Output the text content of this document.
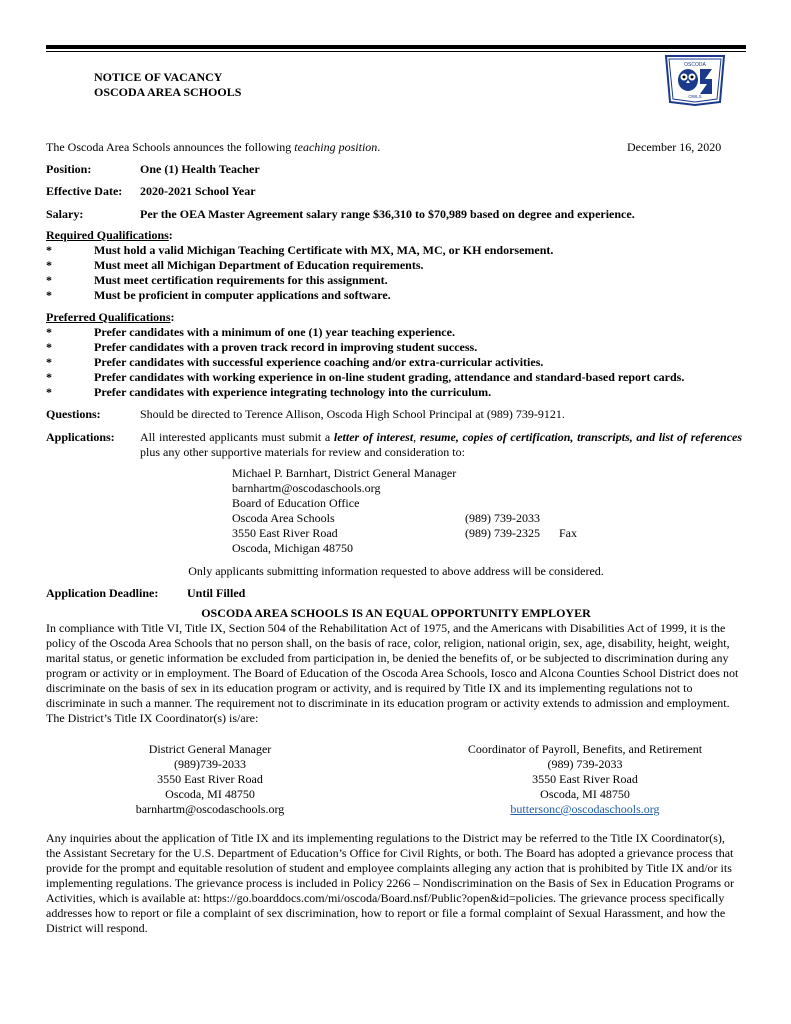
NOTICE OF VACANCY
OSCODA AREA SCHOOLS
OSCODA
OWLS
The Oscoda Area Schools announces the following teaching position.	December 16, 2020
Position:	One (1) Health Teacher
Effective Date: 2020-2021 School Year
Salary:	Per the OEA Master Agreement salary range $36,310 to $70,989 based on degree and experience.
Required Qualifications:
*	Must hold a valid Michigan Teaching Certificate with MX, MA, MC, or KH endorsement.
*	Must meet all Michigan Department of Education requirements.
*	Must meet certification requirements for this assignment.
*	Must be proficient in computer applications and software.
Preferred Qualifications:
*	Prefer candidates with a minimum of one (1) year teaching experience.
*	Prefer candidates with a proven track record in improving student success.
*	Prefer candidates with successful experience coaching and/or extra-curricular activities.
*	Prefer candidates with working experience in on-line student grading, attendance and standard-based report cards.
*	Prefer candidates with experience integrating technology into the curriculum.
Questions:	Should be directed to Terence Allison, Oscoda High School Principal at (989) 739-9121.
Applications: All interested applicants must submit a letter of interest, resume, copies of certification, transcripts, and list of references plus any other supportive materials for review and consideration to:
Michael P. Barnhart, District General Manager
barnhartm@oscodaschools.org
Board of Education Office
Oscoda Area Schools
3550 East River Road
Oscoda, Michigan 48750
(989) 739-2033
(989) 739-2325 Fax
Only applicants submitting information requested to above address will be considered.
Application Deadline: Until Filled
OSCODA AREA SCHOOLS IS AN EQUAL OPPORTUNITY EMPLOYER
In compliance with Title VI, Title IX, Section 504 of the Rehabilitation Act of 1975, and the Americans with Disabilities Act of 1999, it is the policy of the Oscoda Area Schools that no person shall, on the basis of race, color, religion, national origin, sex, age, disability, height, weight, marital status, or genetic information be excluded from participation in, be denied the benefits of, or be subjected to discrimination during any program or activity or in employment. The Board of Education of the Oscoda Area Schools, Iosco and Alcona Counties School District does not discriminate on the basis of sex in its education program or activity, and is required by Title IX and its implementing regulations not to discriminate in such a manner. The requirement not to discriminate in its education program or activity extends to admission and employment. The District’s Title IX Coordinator(s) is/are:
District General Manager
(989)739-2033
3550 East River Road
Oscoda, MI 48750
barnhartm@oscodaschools.org
Coordinator of Payroll, Benefits, and Retirement
(989) 739-2033
3550 East River Road
Oscoda, MI 48750
buttersonc@oscodaschools.org
Any inquiries about the application of Title IX and its implementing regulations to the District may be referred to the Title IX Coordinator(s), the Assistant Secretary for the U.S. Department of Education’s Office for Civil Rights, or both. The Board has adopted a grievance process that provide for the prompt and equitable resolution of student and employee complaints alleging any action that is prohibited by Title IX and/or its implementing regulations. The grievance process is included in Policy 2266 – Nondiscrimination on the Basis of Sex in Education Programs or Activities, which is available at: https://go.boarddocs.com/mi/oscoda/Board.nsf/Public?open&id=policies. The grievance process specifically addresses how to report or file a complaint of sex discrimination, how to report or file a formal complaint of Sexual Harassment, and how the District will respond.
